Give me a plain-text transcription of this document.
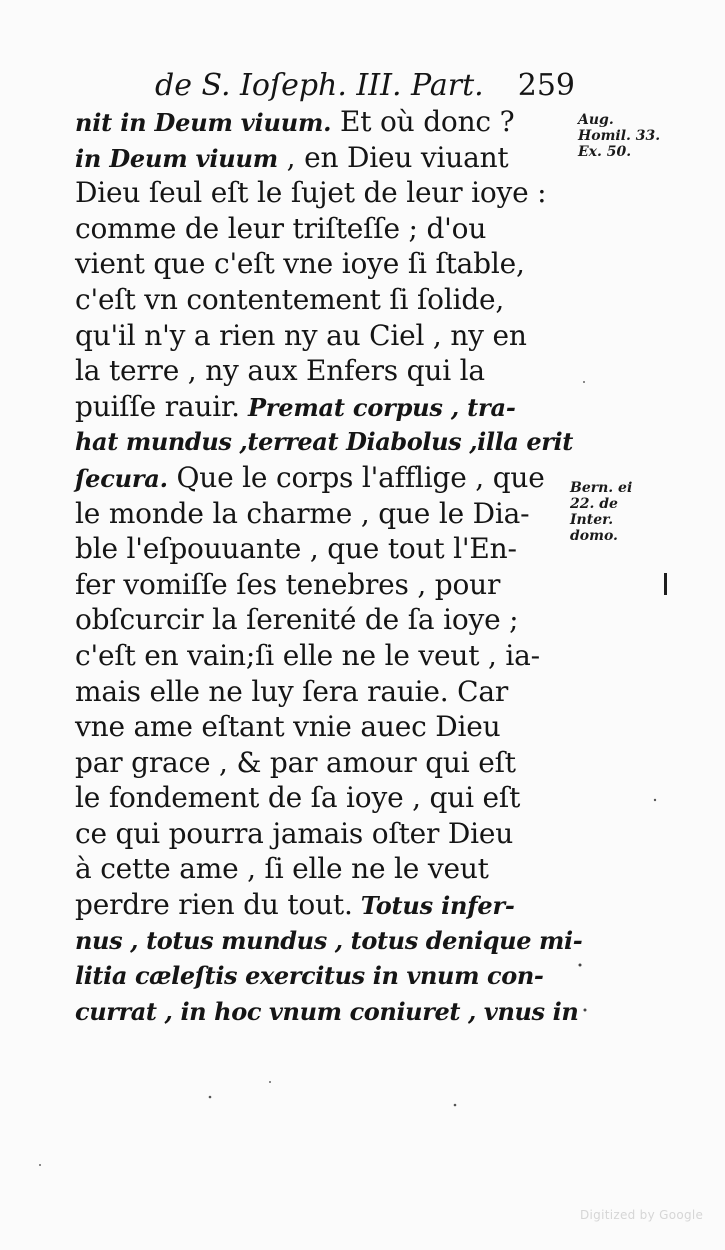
de S. Ioſeph. III. Part. 259
nit in Deum viuum. Et où donc ?
in Deum viuum , en Dieu viuant
Dieu ſeul eſt le ſujet de leur ioye :
comme de leur triſteſſe ; d'ou
vient que c'eſt vne ioye ſi ſtable,
c'eſt vn contentement ſi ſolide,
qu'il n'y a rien ny au Ciel , ny en
la terre , ny aux Enfers qui la
puiſſe rauir. Premat corpus , tra-
hat mundus ,terreat Diabolus ,illa erit
ſecura. Que le corps l'afflige , que
le monde la charme , que le Dia-
ble l'eſpouuante , que tout l'En-
fer vomiſſe ſes tenebres , pour
obſcurcir la ſerenité de ſa ioye ;
c'eſt en vain;ſi elle ne le veut , ia-
mais elle ne luy ſera rauie. Car
vne ame eſtant vnie auec Dieu
par grace , & par amour qui eſt
le fondement de ſa ioye , qui eſt
ce qui pourra jamais oſter Dieu
à cette ame , ſi elle ne le veut
perdre rien du tout. Totus infer-
nus , totus mundus , totus denique mi-
litia cæleſtis exercitus in vnum con-
currat , in hoc vnum coniuret , vnus in
Aug.
Homil. 33.
Ex. 50.
Bern. ei
22. de
Inter.
domo.
Digitized by Google
